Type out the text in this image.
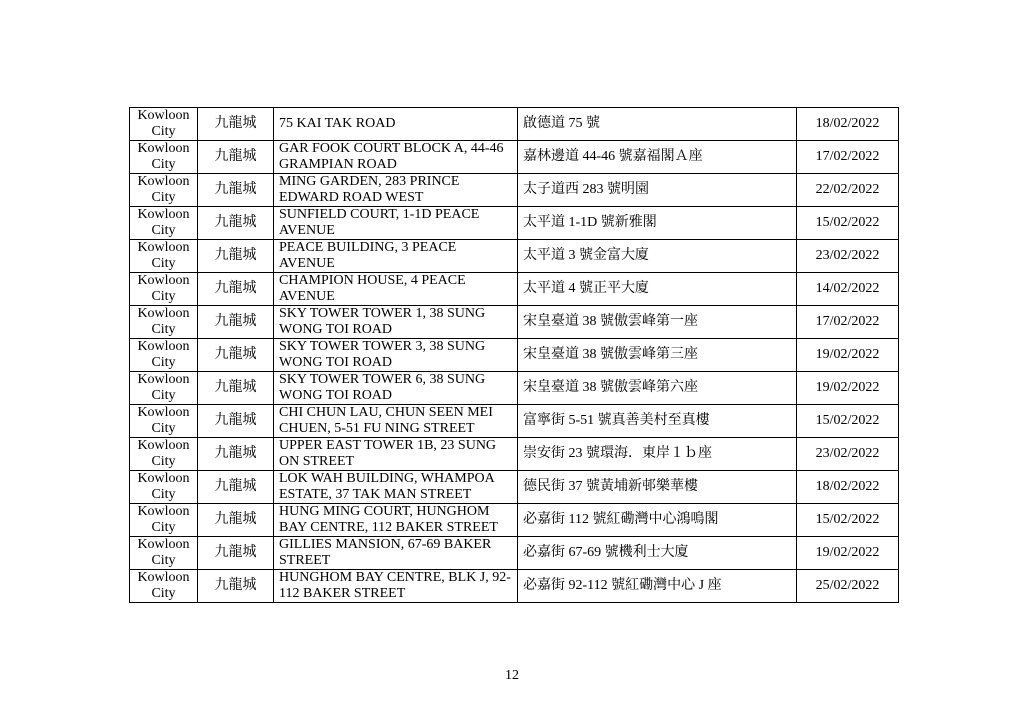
Kowloon City	九龍城	75 KAI TAK ROAD	啟德道 75 號	18/02/2022
Kowloon City	九龍城	GAR FOOK COURT BLOCK A, 44-46 GRAMPIAN ROAD	嘉林邊道 44-46 號嘉福閣Ａ座	17/02/2022
Kowloon City	九龍城	MING GARDEN, 283 PRINCE EDWARD ROAD WEST	太子道西 283 號明園	22/02/2022
Kowloon City	九龍城	SUNFIELD COURT, 1-1D PEACE AVENUE	太平道 1-1D 號新雅閣	15/02/2022
Kowloon City	九龍城	PEACE BUILDING, 3 PEACE AVENUE	太平道 3 號金富大廈	23/02/2022
Kowloon City	九龍城	CHAMPION HOUSE, 4 PEACE AVENUE	太平道 4 號正平大廈	14/02/2022
Kowloon City	九龍城	SKY TOWER TOWER 1, 38 SUNG WONG TOI ROAD	宋皇臺道 38 號傲雲峰第一座	17/02/2022
Kowloon City	九龍城	SKY TOWER TOWER 3, 38 SUNG WONG TOI ROAD	宋皇臺道 38 號傲雲峰第三座	19/02/2022
Kowloon City	九龍城	SKY TOWER TOWER 6, 38 SUNG WONG TOI ROAD	宋皇臺道 38 號傲雲峰第六座	19/02/2022
Kowloon City	九龍城	CHI CHUN LAU, CHUN SEEN MEI CHUEN, 5-51 FU NING STREET	富寧街 5-51 號真善美村至真樓	15/02/2022
Kowloon City	九龍城	UPPER EAST TOWER 1B, 23 SUNG ON STREET	崇安街 23 號環海．東岸１ｂ座	23/02/2022
Kowloon City	九龍城	LOK WAH BUILDING, WHAMPOA ESTATE, 37 TAK MAN STREET	德民街 37 號黃埔新邨樂華樓	18/02/2022
Kowloon City	九龍城	HUNG MING COURT, HUNGHOM BAY CENTRE, 112 BAKER STREET	必嘉街 112 號紅磡灣中心鴻鳴閣	15/02/2022
Kowloon City	九龍城	GILLIES MANSION, 67-69 BAKER STREET	必嘉街 67-69 號機利士大廈	19/02/2022
Kowloon City	九龍城	HUNGHOM BAY CENTRE, BLK J, 92-112 BAKER STREET	必嘉街 92-112 號紅磡灣中心 J 座	25/02/2022
12
